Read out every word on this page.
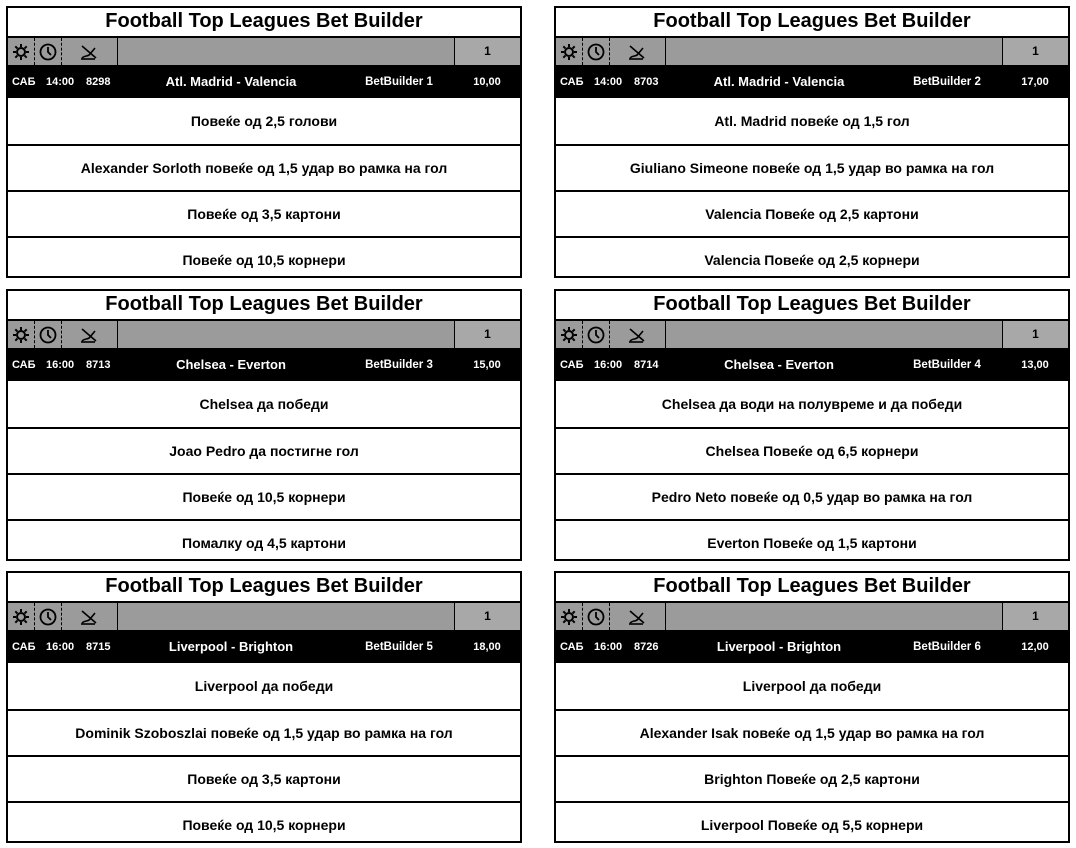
Football Top Leagues Bet Builder
1
САБ 14:00 8298	Atl. Madrid - Valencia	BetBuilder 1	10,00
Повеќе од 2,5 голови
Alexander Sorloth повеќе од 1,5 удар во рамка на гол
Повеќе од 3,5 картони
Повеќе од 10,5 корнери
Football Top Leagues Bet Builder
1
САБ 14:00 8703	Atl. Madrid - Valencia	BetBuilder 2	17,00
Atl. Madrid повеќе од 1,5 гол
Giuliano Simeone повеќе од 1,5 удар во рамка на гол
Valencia Повеќе од 2,5 картони
Valencia Повеќе од 2,5 корнери
Football Top Leagues Bet Builder
1
САБ 16:00 8713	Chelsea - Everton	BetBuilder 3	15,00
Chelsea да победи
Joao Pedro да постигне гол
Повеќе од 10,5 корнери
Помалку од 4,5 картони
Football Top Leagues Bet Builder
1
САБ 16:00 8714	Chelsea - Everton	BetBuilder 4	13,00
Chelsea да води на полувреме и да победи
Chelsea Повеќе од 6,5 корнери
Pedro Neto повеќе од 0,5 удар во рамка на гол
Everton Повеќе од 1,5 картони
Football Top Leagues Bet Builder
1
САБ 16:00 8715	Liverpool - Brighton	BetBuilder 5	18,00
Liverpool да победи
Dominik Szoboszlai повеќе од 1,5 удар во рамка на гол
Повеќе од 3,5 картони
Повеќе од 10,5 корнери
Football Top Leagues Bet Builder
1
САБ 16:00 8726	Liverpool - Brighton	BetBuilder 6	12,00
Liverpool да победи
Alexander Isak повеќе од 1,5 удар во рамка на гол
Brighton Повеќе од 2,5 картони
Liverpool Повеќе од 5,5 корнери
